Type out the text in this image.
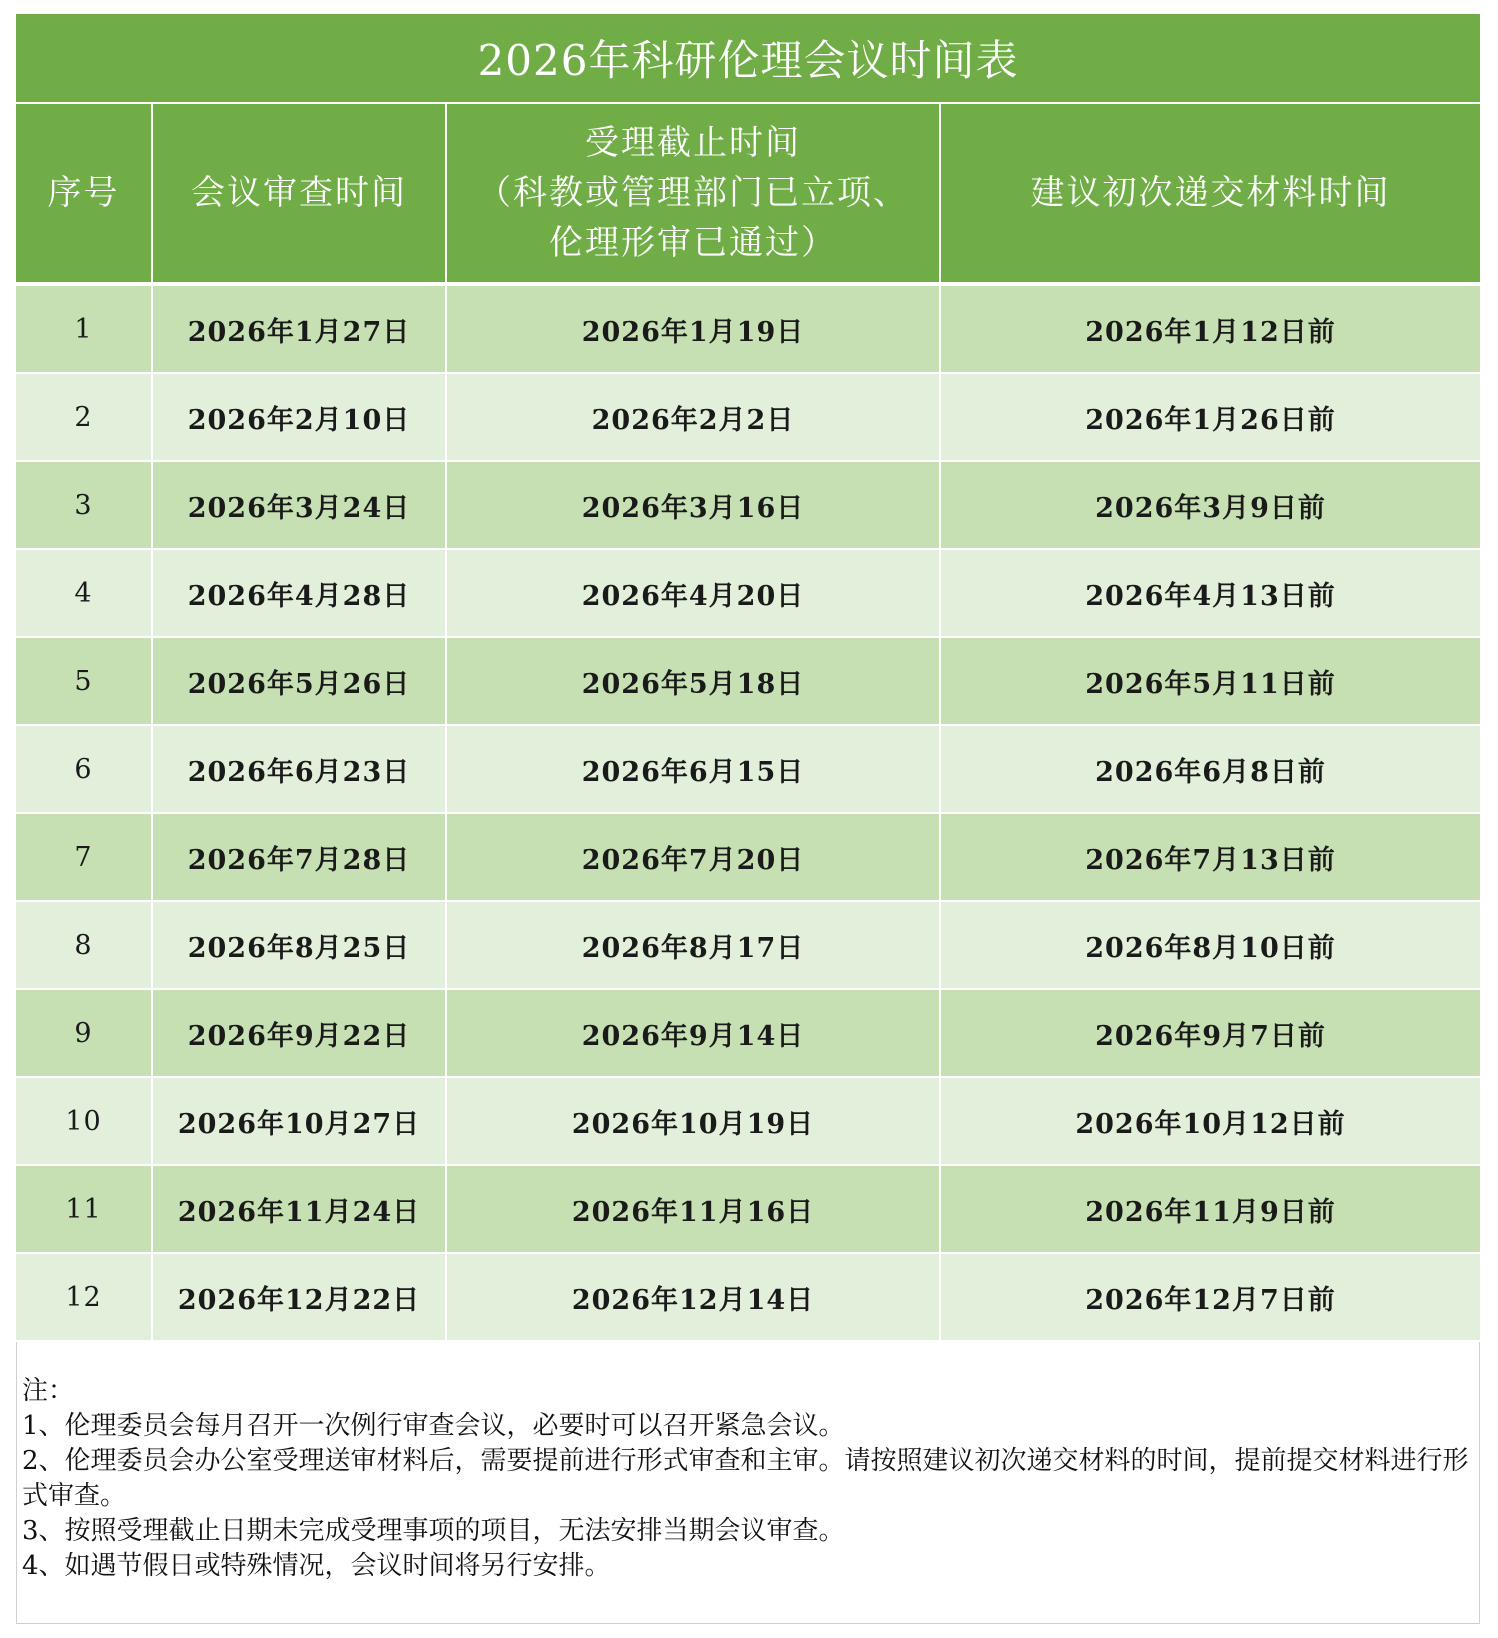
2026年科研伦理会议时间表			
序号	会议审查时间	受理截止时间
（科教或管理部门已立项、
伦理形审已通过）	建议初次递交材料时间

1	2026年1月27日	2026年1月19日	2026年1月12日前
2	2026年2月10日	2026年2月2日	2026年1月26日前
3	2026年3月24日	2026年3月16日	2026年3月9日前
4	2026年4月28日	2026年4月20日	2026年4月13日前
5	2026年5月26日	2026年5月18日	2026年5月11日前
6	2026年6月23日	2026年6月15日	2026年6月8日前
7	2026年7月28日	2026年7月20日	2026年7月13日前
8	2026年8月25日	2026年8月17日	2026年8月10日前
9	2026年9月22日	2026年9月14日	2026年9月7日前
10	2026年10月27日	2026年10月19日	2026年10月12日前
11	2026年11月24日	2026年11月16日	2026年11月9日前
12	2026年12月22日	2026年12月14日	2026年12月7日前

注：

1、伦理委员会每月召开一次例行审查会议，必要时可以召开紧急会议。

2、伦理委员会办公室受理送审材料后，需要提前进行形式审查和主审。请按照建议初次递交材料的时间，提前提交材料进行形式审查。

3、按照受理截止日期未完成受理事项的项目，无法安排当期会议审查。

4、如遇节假日或特殊情况，会议时间将另行安排。
